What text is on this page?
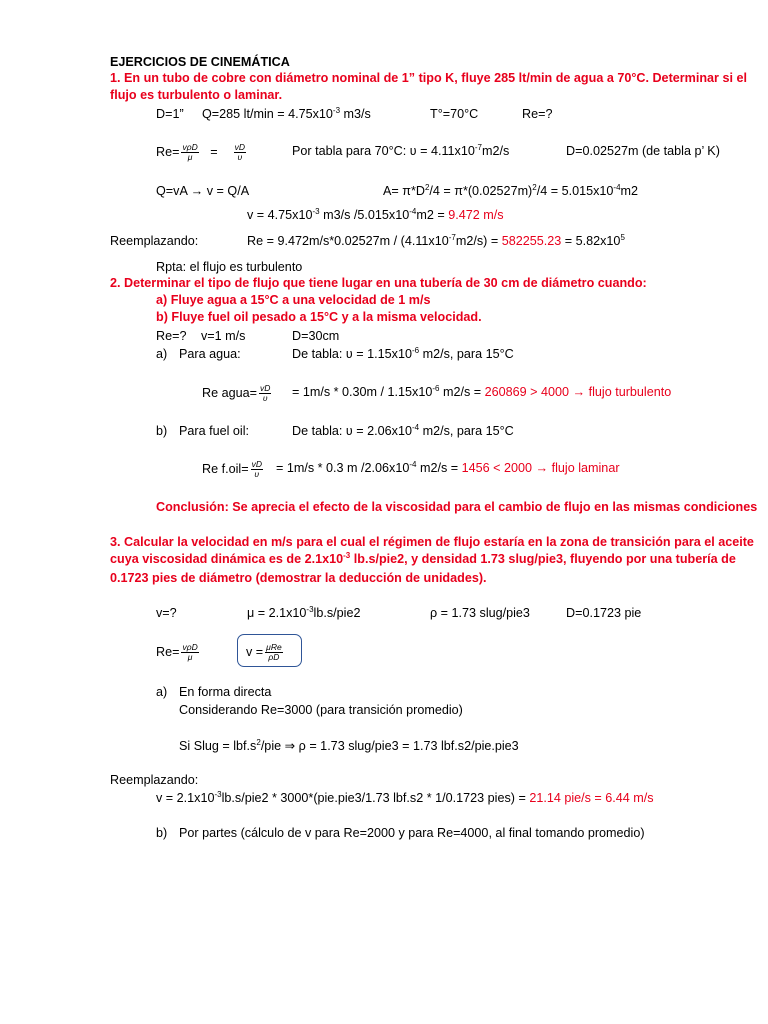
EJERCICIOS DE CINEMÁTICA
1. En un tubo de cobre con diámetro nominal de 1” tipo K, fluye 285 lt/min de agua a 70°C. Determinar si el
flujo es turbulento o laminar.
D=1” Q=285 $lt/\min = 4.75x10^{-3}$ m3/s	T°=70°C	Re=?
$Re= \frac{\text{vρD}}{\mu} = \frac{vD}{\upsilon}$	Por tabla para 70°C: ʋ = $4.11x10^{-7}m2/s$	D=0.02527m (de tabla p’ K)
Q=vA → v = Q/A	$A= \pi*D^2/4 = \pi*(0.02527m)^2/4 = 5.015x10^{-4}m2$
$v = 4.75x10^{-3}$ m3/s $/5.015x10^{-4}m2 = 9.472$ m/s
Reemplazando:	$Re = 9.472m/s*0.02527m / (4.11x10^{-7}m2/s) = 582255.23 = 5.82x10^5$
Rpta: el flujo es turbulento
2. Determinar el tipo de flujo que tiene lugar en una tubería de 30 cm de diámetro cuando:
a) Fluye agua a 15°C a una velocidad de 1 m/s
b) Fluye fuel oil pesado a 15°C y a la misma velocidad.
Re=? v=1 m/s	D=30cm
a) Para agua:	De tabla: ʋ = $1.15x10^{-6}$ m2/s, para 15°C
Re agua= $\frac{vD}{\upsilon} = 1m/s * 0.30m / 1.15x10^{-6}$ m2/s = 260869 > 4000 → flujo turbulento
b) Para fuel oil:	De tabla: ʋ = $2.06x10^{-4}$ m2/s, para 15°C
Re $f.oil= \frac{vD}{\upsilon} = 1m/s * 0.3$ m $/2.06x10^{-4}$ m2/s = 1456 < 2000 → flujo laminar
Conclusión: Se aprecia el efecto de la viscosidad para el cambio de flujo en las mismas condiciones
3. Calcular la velocidad en m/s para el cual el régimen de flujo estaría en la zona de transición para el aceite
cuya viscosidad dinámica es de $2.1x10^{-3}$ lb.s/pie2, y densidad 1.73 slug/pie3, fluyendo por una tubería de
0.1723 pies de diámetro (demostrar la deducción de unidades).
v=?	$\mu = 2.1x10^{-3}lb.s/pie2$	ρ = 1.73 slug/pie3	D=0.1723 pie
$Re= \frac{\text{vρD}}{\mu}$	$v = \frac{\text{μRe}}{\rho D}$
a) En forma directa
Considerando Re=3000 (para transición promedio)
Si Slug = $lbf.s^2$/pie ⇒ ρ = 1.73 slug/pie3 = 1.73 lbf.s2/pie.pie3
Reemplazando:
$v = 2.1x10^{-3}lb.s/pie2 * 3000*(pie.pie3/1.73$ lbf.s2 * 1/0.1723 pies) = 21.14 pie/s = 6.44 m/s
b) Por partes (cálculo de v para Re=2000 y para Re=4000, al final tomando promedio)
